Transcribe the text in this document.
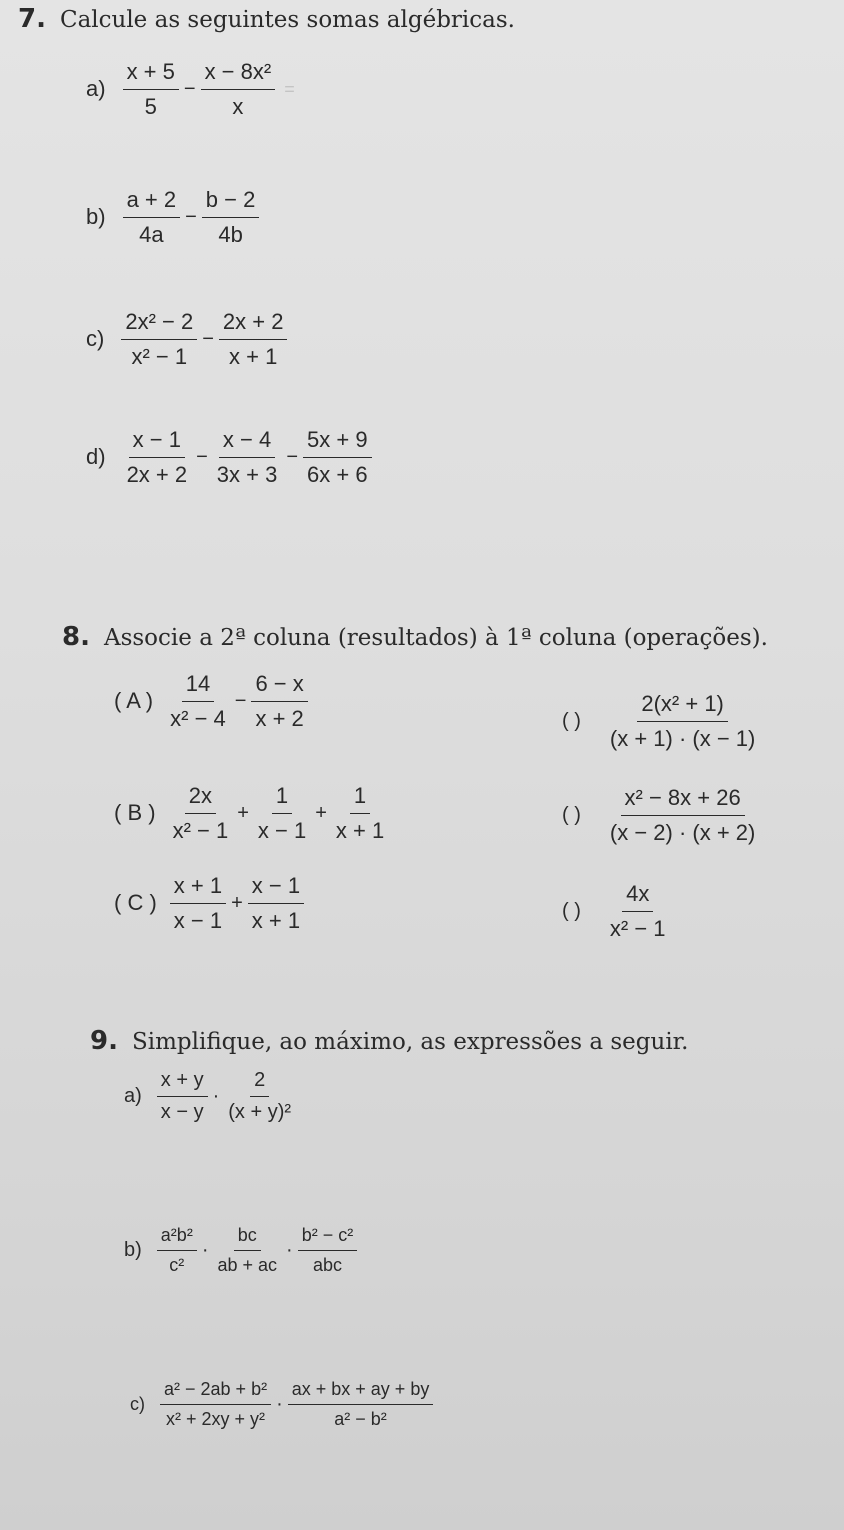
7. Calcule as seguintes somas algébricas.
$a) \frac{x + 5}{5} - \frac{\text{x − 8x²}}{x}$ =
$b) \frac{a + 2}{4a} - \frac{b - 2}{4b}$
$c) \frac{\text{2x² − 2}}{\text{x² − 1}} - \frac{2x + 2}{x + 1}$
$d) \frac{x - 1}{2x + 2} - \frac{x - 4}{3x + 3} - \frac{5x + 9}{6x + 6}$
8. Associe a 2ª coluna (resultados) à 1ª coluna (operações).
( A ) $\frac{14}{\text{x² − 4}} - \frac{6 - x}{x + 2}$
( B ) $\frac{2x}{\text{x² − 1}} + \frac{1}{x - 1} + \frac{1}{x + 1}$
( C ) $\frac{x + 1}{x - 1} + \frac{x - 1}{x + 1}$
( ) $\frac{\text{2(x² + 1)}}{(x + 1) \cdot (x - 1)}$
( ) $\frac{\text{x² − 8x + 26}}{(x - 2) \cdot (x + 2)}$
( ) $\frac{4x}{\text{x² − 1}}$
9. Simplifique, ao máximo, as expressões a seguir.
$a) \frac{x + y}{x - y} \cdot \frac{2}{\text{(x + y)²}}$
$b) \frac{\text{a²b²}}{\text{c²}} \cdot \frac{bc}{ab + ac} \cdot \frac{\text{b² − c²}}{\text{abc}}$
$c) \frac{\text{a² − 2ab + b²}}{\text{x² + 2xy + y²}} \cdot \frac{ax + bx + ay + by}{\text{a² − b²}}$
